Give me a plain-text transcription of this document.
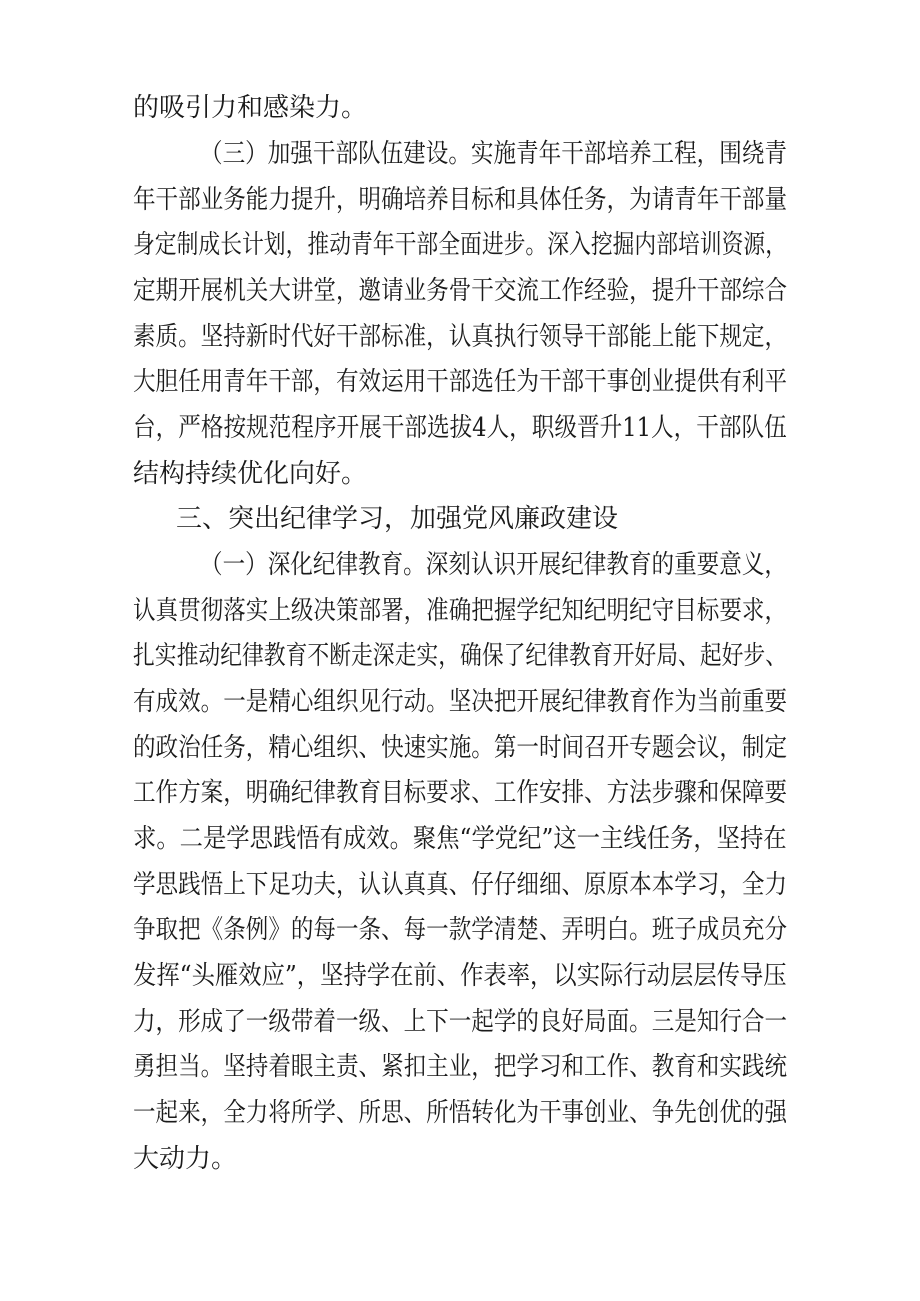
的吸引力和感染力。

（三）加强干部队伍建设。实施青年干部培养工程，围绕青

年干部业务能力提升，明确培养目标和具体任务，为请青年干部量

身定制成长计划，推动青年干部全面进步。深入挖掘内部培训资源，

定期开展机关大讲堂，邀请业务骨干交流工作经验，提升干部综合

素质。坚持新时代好干部标准，认真执行领导干部能上能下规定，

大胆任用青年干部，有效运用干部选任为干部干事创业提供有利平

台，严格按规范程序开展干部选拔4人，职级晋升11人，干部队伍

结构持续优化向好。

三、突出纪律学习，加强党风廉政建设

（一）深化纪律教育。深刻认识开展纪律教育的重要意义，

认真贯彻落实上级决策部署，准确把握学纪知纪明纪守目标要求，

扎实推动纪律教育不断走深走实，确保了纪律教育开好局、起好步、

有成效。一是精心组织见行动。坚决把开展纪律教育作为当前重要

的政治任务，精心组织、快速实施。第一时间召开专题会议，制定

工作方案，明确纪律教育目标要求、工作安排、方法步骤和保障要

求。二是学思践悟有成效。聚焦“学党纪”这一主线任务，坚持在

学思践悟上下足功夫，认认真真、仔仔细细、原原本本学习，全力

争取把《条例》的每一条、每一款学清楚、弄明白。班子成员充分

发挥“头雁效应”，坚持学在前、作表率，以实际行动层层传导压

力，形成了一级带着一级、上下一起学的良好局面。三是知行合一

勇担当。坚持着眼主责、紧扣主业，把学习和工作、教育和实践统

一起来，全力将所学、所思、所悟转化为干事创业、争先创优的强

大动力。
